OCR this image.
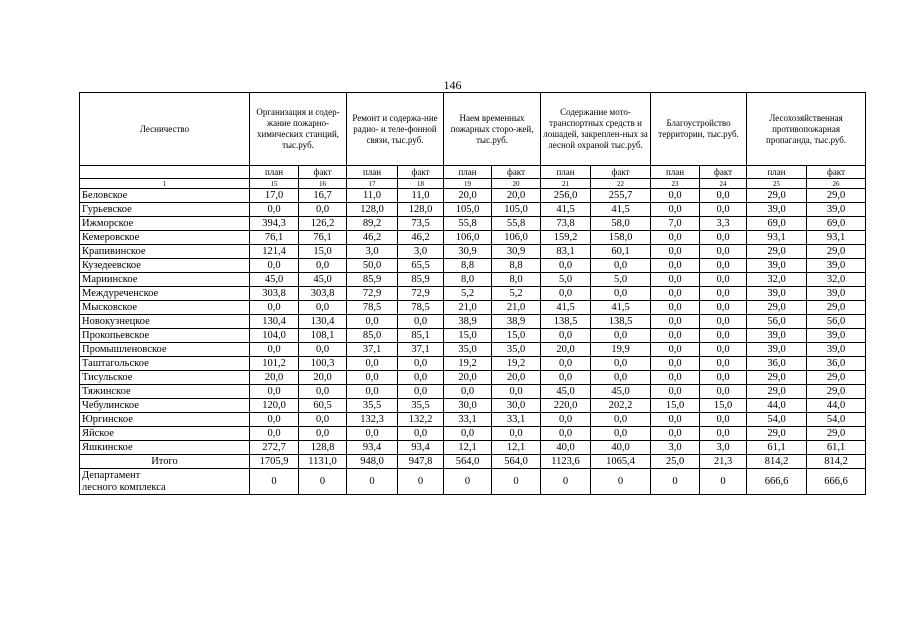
146
Лесничество	Организация и содер-жание пожарно-химических станций, тыс.руб.		Ремонт и содержа-ние радио- и теле-фонной связи, тыс.руб.		Наем временных пожарных сторо-жей, тыс.руб.		Содержание мото-транспортных средств и лошадей, закреплен-ных за лесной охраной тыс.руб.		Благоустройство территории, тыс.руб.		Лесохозяйственная противопожарная пропаганда, тыс.руб.	
	план	факт	план	факт	план	факт	план	факт	план	факт	план	факт
1	15	16	17	18	19	20	21	22	23	24	25	26
Беловское	17,0	16,7	11,0	11,0	20,0	20,0	256,0	255,7	0,0	0,0	29,0	29,0
Гурьевское	0,0	0,0	128,0	128,0	105,0	105,0	41,5	41,5	0,0	0,0	39,0	39,0
Ижморское	394,3	126,2	89,2	73,5	55,8	55,8	73,8	58,0	7,0	3,3	69,0	69,0
Кемеровское	76,1	76,1	46,2	46,2	106,0	106,0	159,2	158,0	0,0	0,0	93,1	93,1
Крапивинское	121,4	15,0	3,0	3,0	30,9	30,9	83,1	60,1	0,0	0,0	29,0	29,0
Кузедеевское	0,0	0,0	50,0	65,5	8,8	8,8	0,0	0,0	0,0	0,0	39,0	39,0
Мариинское	45,0	45,0	85,9	85,9	8,0	8,0	5,0	5,0	0,0	0,0	32,0	32,0
Междуреченское	303,8	303,8	72,9	72,9	5,2	5,2	0,0	0,0	0,0	0,0	39,0	39,0
Мысковское	0,0	0,0	78,5	78,5	21,0	21,0	41,5	41,5	0,0	0,0	29,0	29,0
Новокузнецкое	130,4	130,4	0,0	0,0	38,9	38,9	138,5	138,5	0,0	0,0	56,0	56,0
Прокопьевское	104,0	108,1	85,0	85,1	15,0	15,0	0,0	0,0	0,0	0,0	39,0	39,0
Промышленовское	0,0	0,0	37,1	37,1	35,0	35,0	20,0	19,9	0,0	0,0	39,0	39,0
Таштагольское	101,2	100,3	0,0	0,0	19,2	19,2	0,0	0,0	0,0	0,0	36,0	36,0
Тисульское	20,0	20,0	0,0	0,0	20,0	20,0	0,0	0,0	0,0	0,0	29,0	29,0
Тяжинское	0,0	0,0	0,0	0,0	0,0	0,0	45,0	45,0	0,0	0,0	29,0	29,0
Чебулинское	120,0	60,5	35,5	35,5	30,0	30,0	220,0	202,2	15,0	15,0	44,0	44,0
Юргинское	0,0	0,0	132,3	132,2	33,1	33,1	0,0	0,0	0,0	0,0	54,0	54,0
Яйское	0,0	0,0	0,0	0,0	0,0	0,0	0,0	0,0	0,0	0,0	29,0	29,0
Яшкинское	272,7	128,8	93,4	93,4	12,1	12,1	40,0	40,0	3,0	3,0	61,1	61,1
Итого	1705,9	1131,0	948,0	947,8	564,0	564,0	1123,6	1065,4	25,0	21,3	814,2	814,2
Департамент
лесного комплекса	0	0	0	0	0	0	0	0	0	0	666,6	666,6
